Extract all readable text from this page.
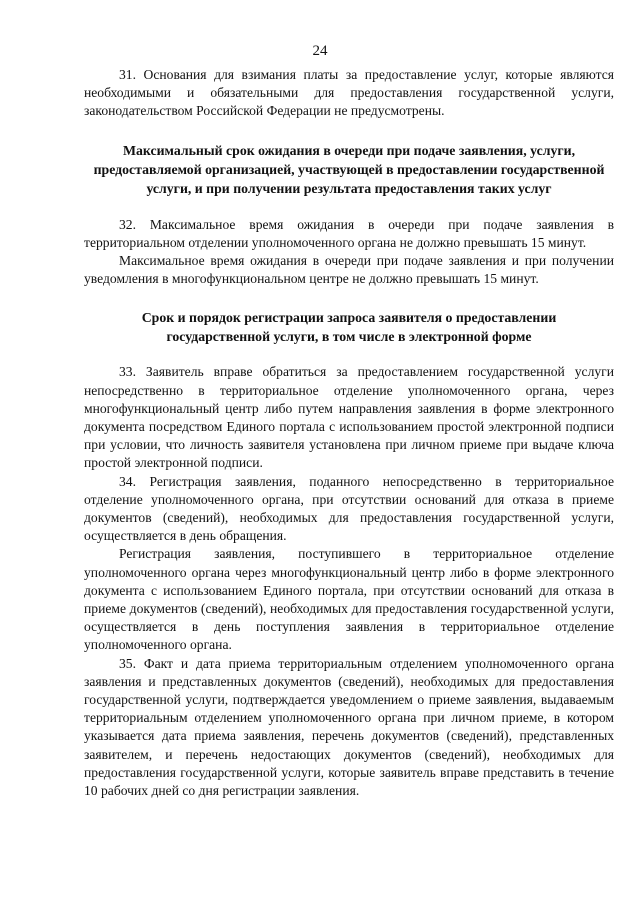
24

31. Основания для взимания платы за предоставление услуг, которые являются необходимыми и обязательными для предоставления государственной услуги, законодательством Российской Федерации не предусмотрены.

Максимальный срок ожидания в очереди при подаче заявления, услуги, предоставляемой организацией, участвующей в предоставлении государственной услуги, и при получении результата предоставления таких услуг

32. Максимальное время ожидания в очереди при подаче заявления в территориальном отделении уполномоченного органа не должно превышать 15 минут.

Максимальное время ожидания в очереди при подаче заявления и при получении уведомления в многофункциональном центре не должно превышать 15 минут.

Срок и порядок регистрации запроса заявителя о предоставлении государственной услуги, в том числе в электронной форме

33. Заявитель вправе обратиться за предоставлением государственной услуги непосредственно в территориальное отделение уполномоченного органа, через многофункциональный центр либо путем направления заявления в форме электронного документа посредством Единого портала с использованием простой электронной подписи при условии, что личность заявителя установлена при личном приеме при выдаче ключа простой электронной подписи.

34. Регистрация заявления, поданного непосредственно в территориальное отделение уполномоченного органа, при отсутствии оснований для отказа в приеме документов (сведений), необходимых для предоставления государственной услуги, осуществляется в день обращения.

Регистрация заявления, поступившего в территориальное отделение уполномоченного органа через многофункциональный центр либо в форме электронного документа с использованием Единого портала, при отсутствии оснований для отказа в приеме документов (сведений), необходимых для предоставления государственной услуги, осуществляется в день поступления заявления в территориальное отделение уполномоченного органа.

35. Факт и дата приема территориальным отделением уполномоченного органа заявления и представленных документов (сведений), необходимых для предоставления государственной услуги, подтверждается уведомлением о приеме заявления, выдаваемым территориальным отделением уполномоченного органа при личном приеме, в котором указывается дата приема заявления, перечень документов (сведений), представленных заявителем, и перечень недостающих документов (сведений), необходимых для предоставления государственной услуги, которые заявитель вправе представить в течение 10 рабочих дней со дня регистрации заявления.
